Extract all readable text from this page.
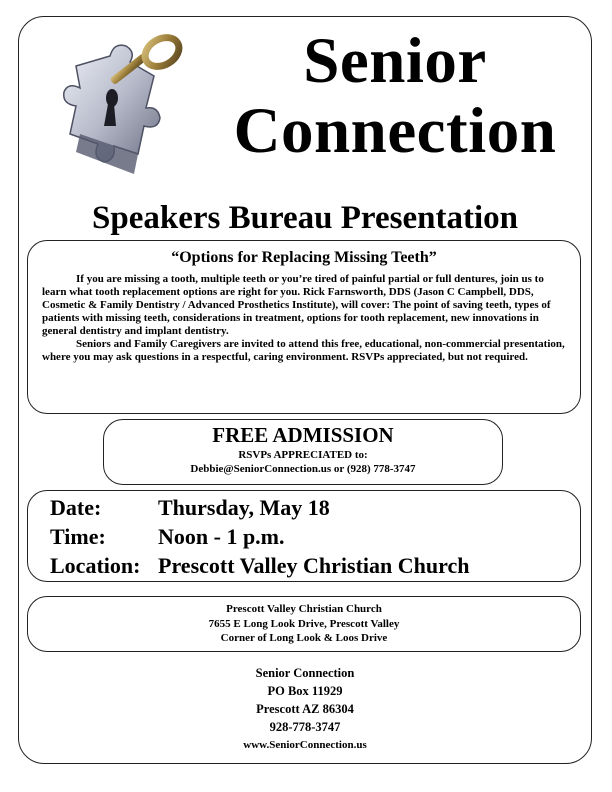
Senior
Connection
Speakers Bureau Presentation
“Options for Replacing Missing Teeth”

If you are missing a tooth, multiple teeth or you’re tired of painful partial or full dentures, join us to learn what tooth replacement options are right for you. Rick Farnsworth, DDS (Jason C Campbell, DDS, Cosmetic & Family Dentistry / Advanced Prosthetics Institute), will cover: The point of saving teeth, types of patients with missing teeth, considerations in treatment, options for tooth replacement, new innovations in general dentistry and implant dentistry.

Seniors and Family Caregivers are invited to attend this free, educational, non-commercial presentation, where you may ask questions in a respectful, caring environment. RSVPs appreciated, but not required.

FREE ADMISSION
RSVPs APPRECIATED to:
Debbie@SeniorConnection.us or (928) 778-3747
Date:	Thursday, May 18
Time:	Noon - 1 p.m.
Location: Prescott Valley Christian Church
Prescott Valley Christian Church
7655 E Long Look Drive, Prescott Valley
Corner of Long Look & Loos Drive
Senior Connection
PO Box 11929
Prescott AZ 86304
928-778-3747
www.SeniorConnection.us
